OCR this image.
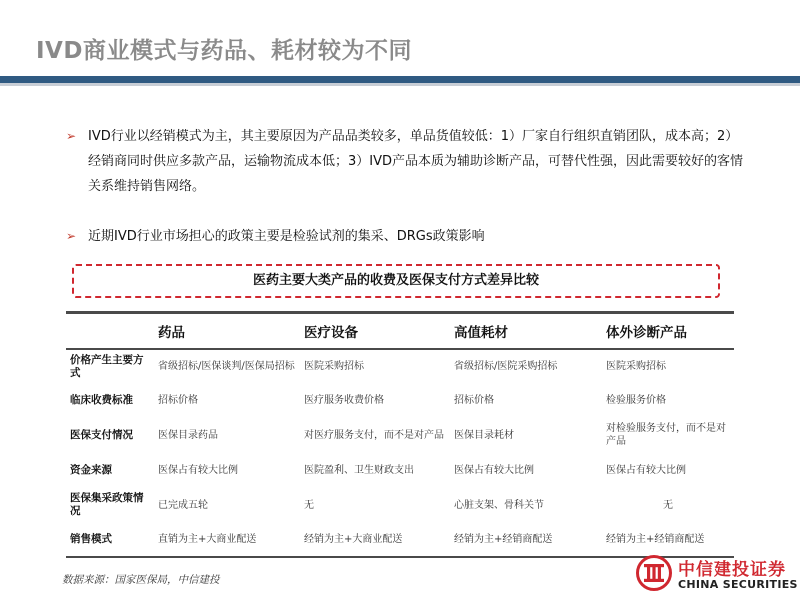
IVD商业模式与药品、耗材较为不同
➢ IVD行业以经销模式为主，其主要原因为产品品类较多，单品货值较低：1）厂家自行组织直销团队，成本高；2）经销商同时供应多款产品，运输物流成本低；3）IVD产品本质为辅助诊断产品，可替代性强，因此需要较好的客情关系维持销售网络。
➢ 近期IVD行业市场担心的政策主要是检验试剂的集采、DRGs政策影响
医药主要大类产品的收费及医保支付方式差异比较
	药品	医疗设备	高值耗材	体外诊断产品
价格产生主要方式	省级招标/医保谈判/医保局招标	医院采购招标	省级招标/医院采购招标	医院采购招标
临床收费标准	招标价格	医疗服务收费价格	招标价格	检验服务价格
医保支付情况	医保目录药品	对医疗服务支付，而不是对产品	医保目录耗材	对检验服务支付，而不是对产品
资金来源	医保占有较大比例	医院盈利、卫生财政支出	医保占有较大比例	医保占有较大比例
医保集采政策情况	已完成五轮	无	心脏支架、骨科关节	无
销售模式	直销为主+大商业配送	经销为主+大商业配送	经销为主+经销商配送	经销为主+经销商配送
数据来源：国家医保局，中信建投	中信建投证券
CHINA SECURITIES
